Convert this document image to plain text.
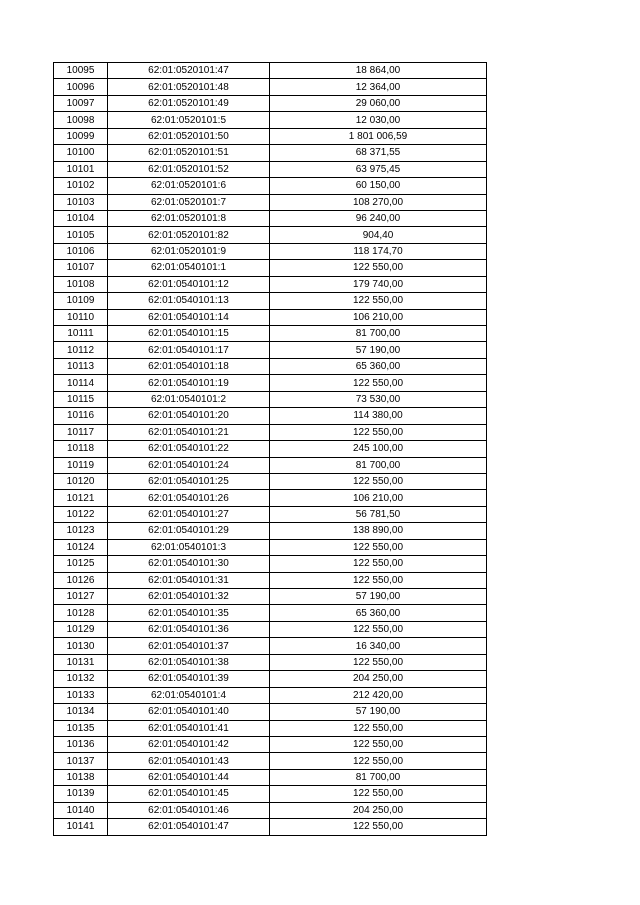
10095	62:01:0520101:47	18 864,00
10096	62:01:0520101:48	12 364,00
10097	62:01:0520101:49	29 060,00
10098	62:01:0520101:5	12 030,00
10099	62:01:0520101:50	1 801 006,59
10100	62:01:0520101:51	68 371,55
10101	62:01:0520101:52	63 975,45
10102	62:01:0520101:6	60 150,00
10103	62:01:0520101:7	108 270,00
10104	62:01:0520101:8	96 240,00
10105	62:01:0520101:82	904,40
10106	62:01:0520101:9	118 174,70
10107	62:01:0540101:1	122 550,00
10108	62:01:0540101:12	179 740,00
10109	62:01:0540101:13	122 550,00
10110	62:01:0540101:14	106 210,00
10111	62:01:0540101:15	81 700,00
10112	62:01:0540101:17	57 190,00
10113	62:01:0540101:18	65 360,00
10114	62:01:0540101:19	122 550,00
10115	62:01:0540101:2	73 530,00
10116	62:01:0540101:20	114 380,00
10117	62:01:0540101:21	122 550,00
10118	62:01:0540101:22	245 100,00
10119	62:01:0540101:24	81 700,00
10120	62:01:0540101:25	122 550,00
10121	62:01:0540101:26	106 210,00
10122	62:01:0540101:27	56 781,50
10123	62:01:0540101:29	138 890,00
10124	62:01:0540101:3	122 550,00
10125	62:01:0540101:30	122 550,00
10126	62:01:0540101:31	122 550,00
10127	62:01:0540101:32	57 190,00
10128	62:01:0540101:35	65 360,00
10129	62:01:0540101:36	122 550,00
10130	62:01:0540101:37	16 340,00
10131	62:01:0540101:38	122 550,00
10132	62:01:0540101:39	204 250,00
10133	62:01:0540101:4	212 420,00
10134	62:01:0540101:40	57 190,00
10135	62:01:0540101:41	122 550,00
10136	62:01:0540101:42	122 550,00
10137	62:01:0540101:43	122 550,00
10138	62:01:0540101:44	81 700,00
10139	62:01:0540101:45	122 550,00
10140	62:01:0540101:46	204 250,00
10141	62:01:0540101:47	122 550,00
